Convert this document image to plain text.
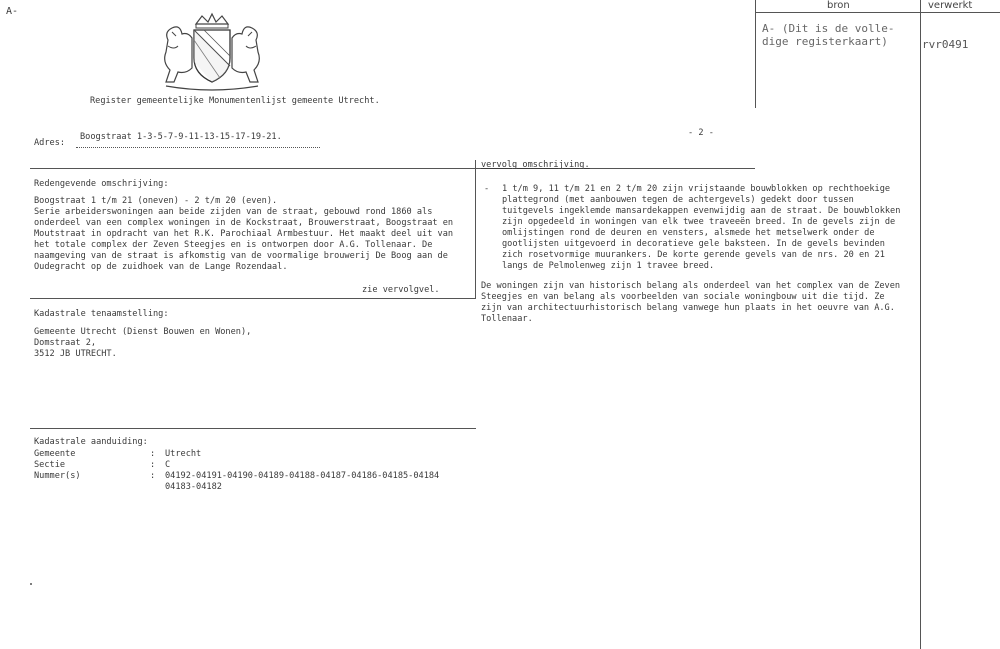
A-
Register gemeentelijke Monumentenlijst gemeente Utrecht.
bron	verwerkt
A- (Dit is de volle-
dige registerkaart)	rvr0491
Adres:
Boogstraat 1-3-5-7-9-11-13-15-17-19-21.	- 2 -
Redengevende omschrijving:
Boogstraat 1 t/m 21 (oneven) - 2 t/m 20 (even).
Serie arbeiderswoningen aan beide zijden van de straat, gebouwd rond 1860 als
onderdeel van een complex woningen in de Kockstraat, Brouwerstraat, Boogstraat en
Moutstraat in opdracht van het R.K. Parochiaal Armbestuur. Het maakt deel uit van
het totale complex der Zeven Steegjes en is ontworpen door A.G. Tollenaar. De
naamgeving van de straat is afkomstig van de voormalige brouwerij De Boog aan de
Oudegracht op de zuidhoek van de Lange Rozendaal.
zie vervolgvel.
Kadastrale tenaamstelling:
Gemeente Utrecht (Dienst Bouwen en Wonen),
Domstraat 2,
3512 JB UTRECHT.
Kadastrale aanduiding:
Gemeente	: Utrecht
Sectie	: C
Nummer(s)	: 04192-04191-04190-04189-04188-04187-04186-04185-04184
04183-04182
vervolg omschrijving.
- 1 t/m 9, 11 t/m 21 en 2 t/m 20 zijn vrijstaande bouwblokken op rechthoekige
plattegrond (met aanbouwen tegen de achtergevels) gedekt door tussen
tuitgevels ingeklemde mansardekappen evenwijdig aan de straat. De bouwblokken
zijn opgedeeld in woningen van elk twee traveeën breed. In de gevels zijn de
omlijstingen rond de deuren en vensters, alsmede het metselwerk onder de
gootlijsten uitgevoerd in decoratieve gele baksteen. In de gevels bevinden
zich rosetvormige muurankers. De korte gerende gevels van de nrs. 20 en 21
langs de Pelmolenweg zijn 1 travee breed.
De woningen zijn van historisch belang als onderdeel van het complex van de Zeven
Steegjes en van belang als voorbeelden van sociale woningbouw uit die tijd. Ze
zijn van architectuurhistorisch belang vanwege hun plaats in het oeuvre van A.G.
Tollenaar.
